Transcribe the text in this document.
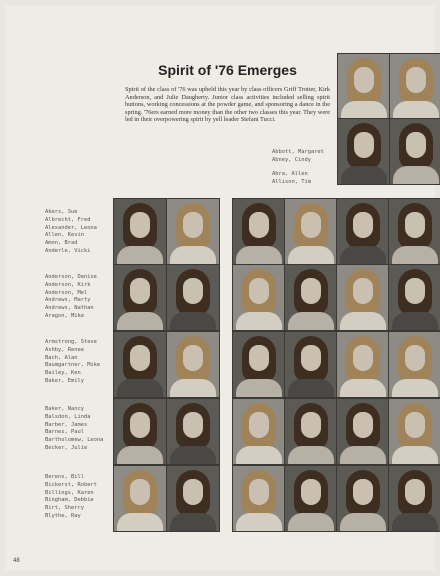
Spirit of '76 Emerges
Spirit of the class of '76 was upheld this year by class officers Griff Trotter, Kirk Anderson, and Julie Daugherty. Junior class activities included selling spirit buttons, working concessions at the powder game, and sponsoring a dance in the spring. '76ers earned more money than the other two classes this year. They were led in their overpowering spirit by yell leader Stefani Tucci.
Abbott, Margaret
Abney, Cindy
Abra, Allen
Allison, Tim
Akers, Sue
Albrecht, Fred
Alexander, Leona
Allen, Kevin
Amon, Brad
Anderle, Vicki
Anderson, Denise
Anderson, Kirk
Anderson, Mel
Andrews, Marty
Andrews, Nathan
Aragon, Mike
Armstrong, Steve
Ashby, Renee
Bach, Alan
Baumgartner, Mike
Bailey, Ken
Baker, Emily
Baker, Nancy
Balsdon, Linda
Barber, James
Barnes, Paul
Bartholomew, Leona
Becker, Julie
Berens, Bill
Bickerst, Robert
Billings, Karen
Bingham, Debbie
Birt, Sherry
Blythe, Ray
48
